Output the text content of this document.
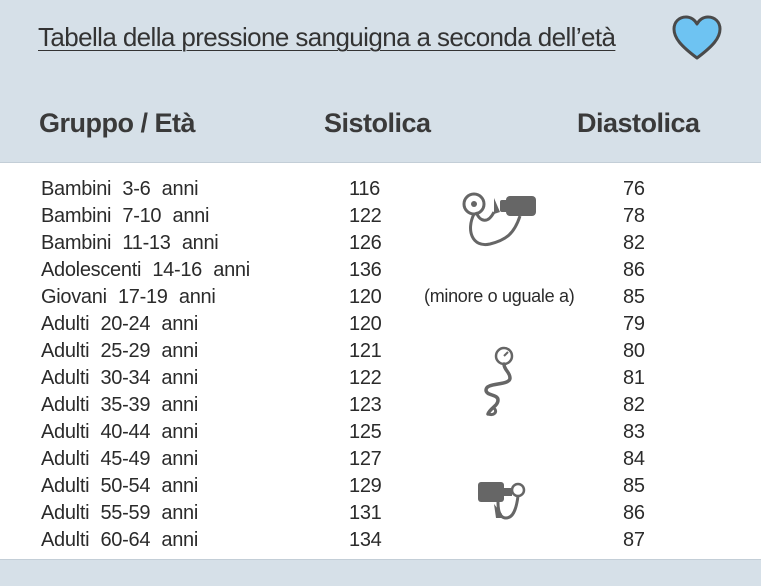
Tabella della pressione sanguigna a seconda dell’età
Gruppo / Età	Sistolica	Diastolica
Bambini 3-6 anni	116	76
Bambini 7-10 anni	122	78
Bambini 11-13 anni	126	82
Adolescenti 14-16 anni	136	86
Giovani 17-19 anni	120	85
Adulti 20-24 anni	120	79
Adulti 25-29 anni	121	80
Adulti 30-34 anni	122	81
Adulti 35-39 anni	123	82
Adulti 40-44 anni	125	83
Adulti 45-49 anni	127	84
Adulti 50-54 anni	129	85
Adulti 55-59 anni	131	86
Adulti 60-64 anni	134	87
(minore o uguale a)
